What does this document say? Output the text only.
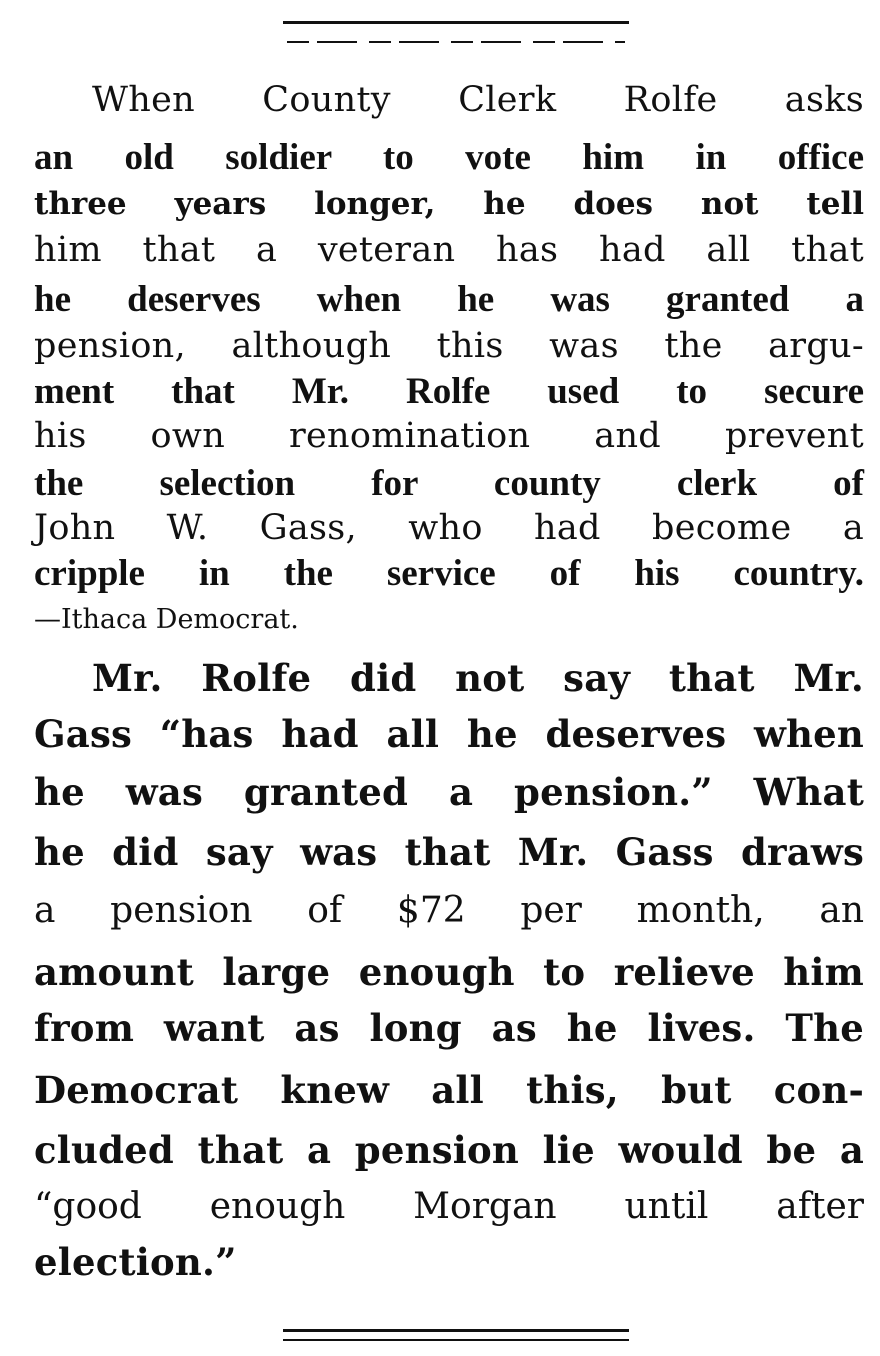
When County Clerk Rolfe asks
an old soldier to vote him in office
three years longer, he does not tell
him that a veteran has had all that
he deserves when he was granted a
pension, although this was the argu-
ment that Mr. Rolfe used to secure
his own renomination and prevent
the selection for county clerk of
John W. Gass, who had become a
cripple in the service of his country.
—Ithaca Democrat.
Mr. Rolfe did not say that Mr.
Gass “has had all he deserves when
he was granted a pension.” What
he did say was that Mr. Gass draws
a pension of $72 per month, an
amount large enough to relieve him
from want as long as he lives. The
Democrat knew all this, but con-
cluded that a pension lie would be a
“good enough Morgan until after
election.”
